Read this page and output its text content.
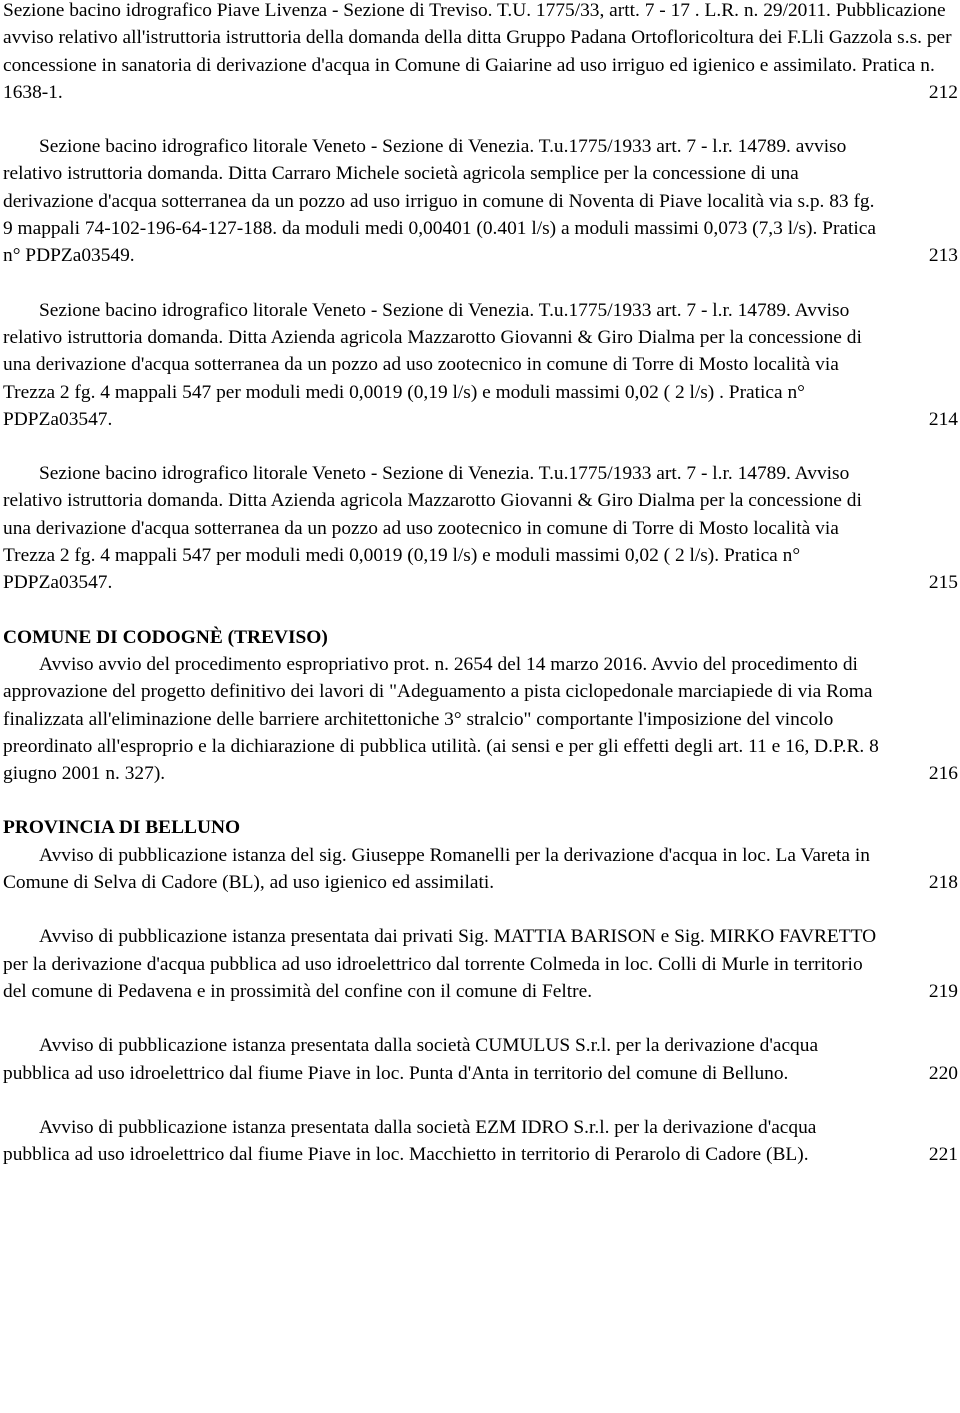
Sezione bacino idrografico Piave Livenza - Sezione di Treviso. T.U. 1775/33, artt. 7 - 17 . L.R. n. 29/2011. Pubblicazione avviso relativo all'istruttoria istruttoria della domanda della ditta Gruppo Padana Ortofloricoltura dei F.Lli Gazzola s.s. per concessione in sanatoria di derivazione d'acqua in Comune di Gaiarine ad uso irriguo ed igienico e assimilato. Pratica n. 1638-1.	212

Sezione bacino idrografico litorale Veneto - Sezione di Venezia. T.u.1775/1933 art. 7 - l.r. 14789. avviso relativo istruttoria domanda. Ditta Carraro Michele società agricola semplice per la concessione di una derivazione d'acqua sotterranea da un pozzo ad uso irriguo in comune di Noventa di Piave località via s.p. 83 fg. 9 mappali 74-102-196-64-127-188. da moduli medi 0,00401 (0.401 l/s) a moduli massimi 0,073 (7,3 l/s). Pratica n° PDPZa03549.	213

Sezione bacino idrografico litorale Veneto - Sezione di Venezia. T.u.1775/1933 art. 7 - l.r. 14789. Avviso relativo istruttoria domanda. Ditta Azienda agricola Mazzarotto Giovanni & Giro Dialma per la concessione di una derivazione d'acqua sotterranea da un pozzo ad uso zootecnico in comune di Torre di Mosto località via Trezza 2 fg. 4 mappali 547 per moduli medi 0,0019 (0,19 l/s) e moduli massimi 0,02 ( 2 l/s) . Pratica n° PDPZa03547.	214

Sezione bacino idrografico litorale Veneto - Sezione di Venezia. T.u.1775/1933 art. 7 - l.r. 14789. Avviso relativo istruttoria domanda. Ditta Azienda agricola Mazzarotto Giovanni & Giro Dialma per la concessione di una derivazione d'acqua sotterranea da un pozzo ad uso zootecnico in comune di Torre di Mosto località via Trezza 2 fg. 4 mappali 547 per moduli medi 0,0019 (0,19 l/s) e moduli massimi 0,02 ( 2 l/s). Pratica n° PDPZa03547.	215

COMUNE DI CODOGNÈ (TREVISO)

Avviso avvio del procedimento espropriativo prot. n. 2654 del 14 marzo 2016. Avvio del procedimento di approvazione del progetto definitivo dei lavori di "Adeguamento a pista ciclopedonale marciapiede di via Roma finalizzata all'eliminazione delle barriere architettoniche 3° stralcio" comportante l'imposizione del vincolo preordinato all'esproprio e la dichiarazione di pubblica utilità. (ai sensi e per gli effetti degli art. 11 e 16, D.P.R. 8 giugno 2001 n. 327).	216

PROVINCIA DI BELLUNO

Avviso di pubblicazione istanza del sig. Giuseppe Romanelli per la derivazione d'acqua in loc. La Vareta in Comune di Selva di Cadore (BL), ad uso igienico ed assimilati.	218

Avviso di pubblicazione istanza presentata dai privati Sig. MATTIA BARISON e Sig. MIRKO FAVRETTO per la derivazione d'acqua pubblica ad uso idroelettrico dal torrente Colmeda in loc. Colli di Murle in territorio del comune di Pedavena e in prossimità del confine con il comune di Feltre.	219

Avviso di pubblicazione istanza presentata dalla società CUMULUS S.r.l. per la derivazione d'acqua pubblica ad uso idroelettrico dal fiume Piave in loc. Punta d'Anta in territorio del comune di Belluno.	220

Avviso di pubblicazione istanza presentata dalla società EZM IDRO S.r.l. per la derivazione d'acqua pubblica ad uso idroelettrico dal fiume Piave in loc. Macchietto in territorio di Perarolo di Cadore (BL).	221
